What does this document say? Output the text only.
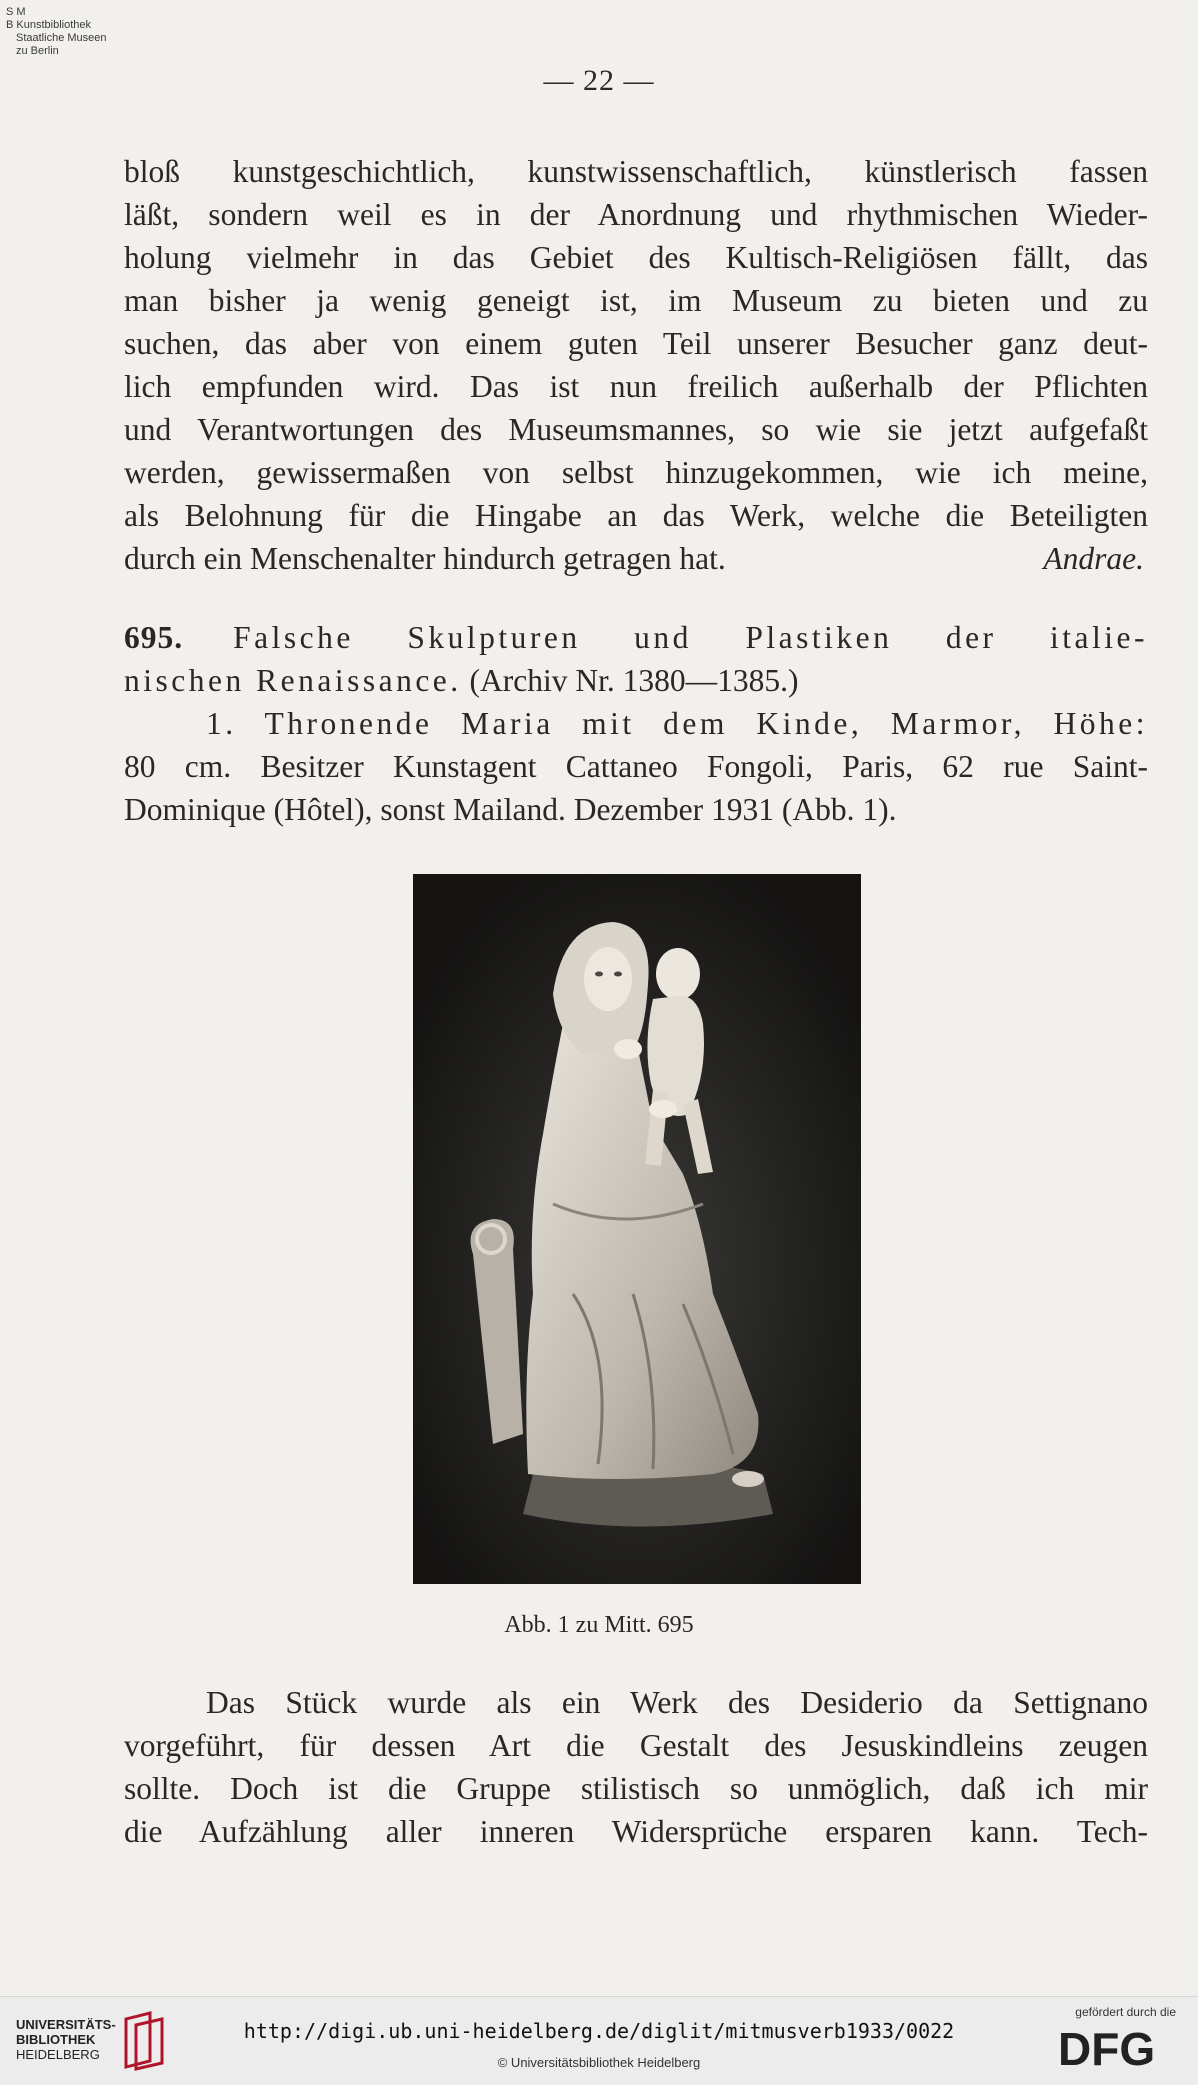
S M
B Kunstbibliothek
Staatliche Museen
zu Berlin
— 22 —
bloß kunstgeschichtlich, kunstwissenschaftlich, künstlerisch fassen
läßt, sondern weil es in der Anordnung und rhythmischen Wieder-
holung vielmehr in das Gebiet des Kultisch-Religiösen fällt, das
man bisher ja wenig geneigt ist, im Museum zu bieten und zu
suchen, das aber von einem guten Teil unserer Besucher ganz deut-
lich empfunden wird. Das ist nun freilich außerhalb der Pflichten
und Verantwortungen des Museumsmannes, so wie sie jetzt aufgefaßt
werden, gewissermaßen von selbst hinzugekommen, wie ich meine,
als Belohnung für die Hingabe an das Werk, welche die Beteiligten
durch ein Menschenalter hindurch getragen hat.	Andrae.
695. Falsche Skulpturen und Plastiken der italie-
nischen Renaissance. (Archiv Nr. 1380—1385.)
1. Thronende Maria mit dem Kinde, Marmor, Höhe:
80 cm. Besitzer Kunstagent Cattaneo Fongoli, Paris, 62 rue Saint-
Dominique (Hôtel), sonst Mailand. Dezember 1931 (Abb. 1).
Abb. 1 zu Mitt. 695
Das Stück wurde als ein Werk des Desiderio da Settignano
vorgeführt, für dessen Art die Gestalt des Jesuskindleins zeugen
sollte. Doch ist die Gruppe stilistisch so unmöglich, daß ich mir
die Aufzählung aller inneren Widersprüche ersparen kann. Tech-
UNIVERSITÄTS-
BIBLIOTHEK
HEIDELBERG
http://digi.ub.uni-heidelberg.de/diglit/mitmusverb1933/0022
© Universitätsbibliothek Heidelberg
gefördert durch die
DFG
